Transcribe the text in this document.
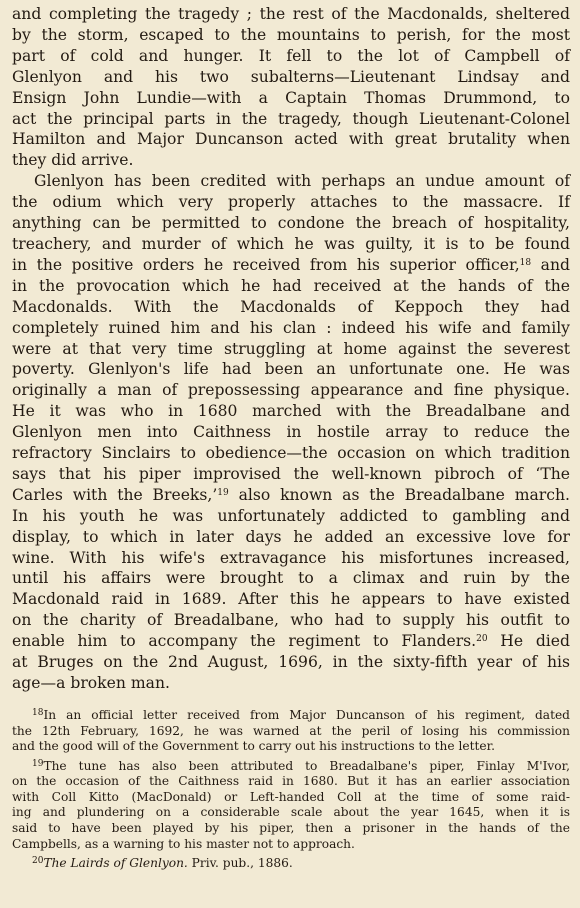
and completing the tragedy ; the rest of the Macdonalds, sheltered
by the storm, escaped to the mountains to perish, for the most
part of cold and hunger. It fell to the lot of Campbell of
Glenlyon and his two subalterns—Lieutenant Lindsay and
Ensign John Lundie—with a Captain Thomas Drummond, to
act the principal parts in the tragedy, though Lieutenant-Colonel
Hamilton and Major Duncanson acted with great brutality when
they did arrive.
Glenlyon has been credited with perhaps an undue amount of
the odium which very properly attaches to the massacre. If
anything can be permitted to condone the breach of hospitality,
treachery, and murder of which he was guilty, it is to be found
in the positive orders he received from his superior officer,$^{18}$ and
in the provocation which he had received at the hands of the
Macdonalds. With the Macdonalds of Keppoch they had
completely ruined him and his clan : indeed his wife and family
were at that very time struggling at home against the severest
poverty. Glenlyon's life had been an unfortunate one. He was
originally a man of prepossessing appearance and fine physique.
He it was who in 1680 marched with the Breadalbane and
Glenlyon men into Caithness in hostile array to reduce the
refractory Sinclairs to obedience—the occasion on which tradition
says that his piper improvised the well-known pibroch of ‘The
Carles with the Breeks,’$^{19}$ also known as the Breadalbane march.
In his youth he was unfortunately addicted to gambling and
display, to which in later days he added an excessive love for
wine. With his wife's extravagance his misfortunes increased,
until his affairs were brought to a climax and ruin by the
Macdonald raid in 1689. After this he appears to have existed
on the charity of Breadalbane, who had to supply his outfit to
enable him to accompany the regiment to Flanders.$^{20}$ He died
at Bruges on the 2nd August, 1696, in the sixty-fifth year of his
age—a broken man.
$^{18}$In an official letter received from Major Duncanson of his regiment, dated
the 12th February, 1692, he was warned at the peril of losing his commission
and the good will of the Government to carry out his instructions to the letter.
$^{19}$The tune has also been attributed to Breadalbane's piper, Finlay M'Ivor,
on the occasion of the Caithness raid in 1680. But it has an earlier association
with Coll Kitto (MacDonald) or Left-handed Coll at the time of some raid-
ing and plundering on a considerable scale about the year 1645, when it is
said to have been played by his piper, then a prisoner in the hands of the
Campbells, as a warning to his master not to approach.
$^{20}$The Lairds of Glenlyon. Priv. pub., 1886.
